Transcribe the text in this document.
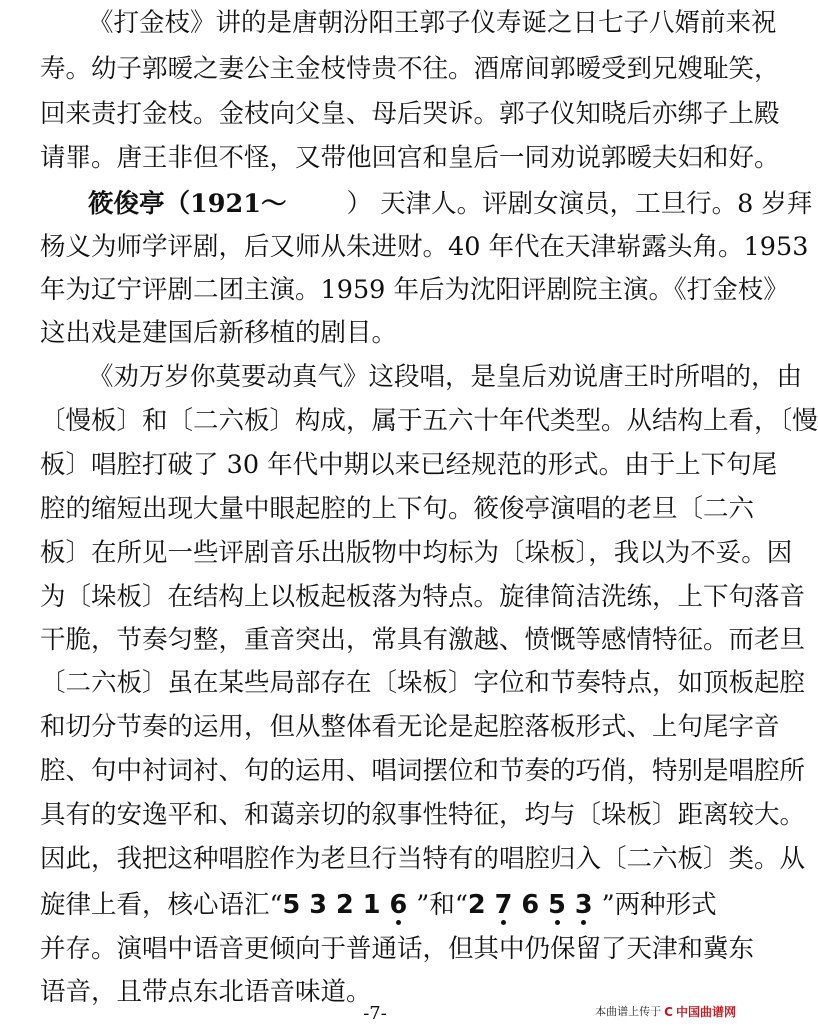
《打金枝》讲的是唐朝汾阳王郭子仪寿诞之日七子八婿前来祝
寿。幼子郭暧之妻公主金枝恃贵不往。酒席间郭暧受到兄嫂耻笑，
回来责打金枝。金枝向父皇、母后哭诉。郭子仪知晓后亦绑子上殿
请罪。唐王非但不怪，又带他回宫和皇后一同劝说郭暧夫妇和好。
筱俊亭（1921～ ） 天津人。评剧女演员，工旦行。8 岁拜
杨义为师学评剧，后又师从朱进财。40 年代在天津崭露头角。1953
年为辽宁评剧二团主演。1959 年后为沈阳评剧院主演。《打金枝》
这出戏是建国后新移植的剧目。
《劝万岁你莫要动真气》这段唱，是皇后劝说唐王时所唱的，由
〔慢板〕和〔二六板〕构成，属于五六十年代类型。从结构上看，〔慢
板〕唱腔打破了 30 年代中期以来已经规范的形式。由于上下句尾
腔的缩短出现大量中眼起腔的上下句。筱俊亭演唱的老旦〔二六
板〕在所见一些评剧音乐出版物中均标为〔垛板〕，我以为不妥。因
为〔垛板〕在结构上以板起板落为特点。旋律简洁洗练，上下句落音
干脆，节奏匀整，重音突出，常具有激越、愤慨等感情特征。而老旦
〔二六板〕虽在某些局部存在〔垛板〕字位和节奏特点，如顶板起腔
和切分节奏的运用，但从整体看无论是起腔落板形式、上句尾字音
腔、句中衬词衬、句的运用、唱词摆位和节奏的巧俏，特别是唱腔所
具有的安逸平和、和蔼亲切的叙事性特征，均与〔垛板〕距离较大。
因此，我把这种唱腔作为老旦行当特有的唱腔归入〔二六板〕类。从
旋律上看，核心语汇“53216”和“27653”两种形式
并存。演唱中语音更倾向于普通话，但其中仍保留了天津和冀东
语音，且带点东北语音味道。
-7-	本曲谱上传于 C 中国曲谱网
